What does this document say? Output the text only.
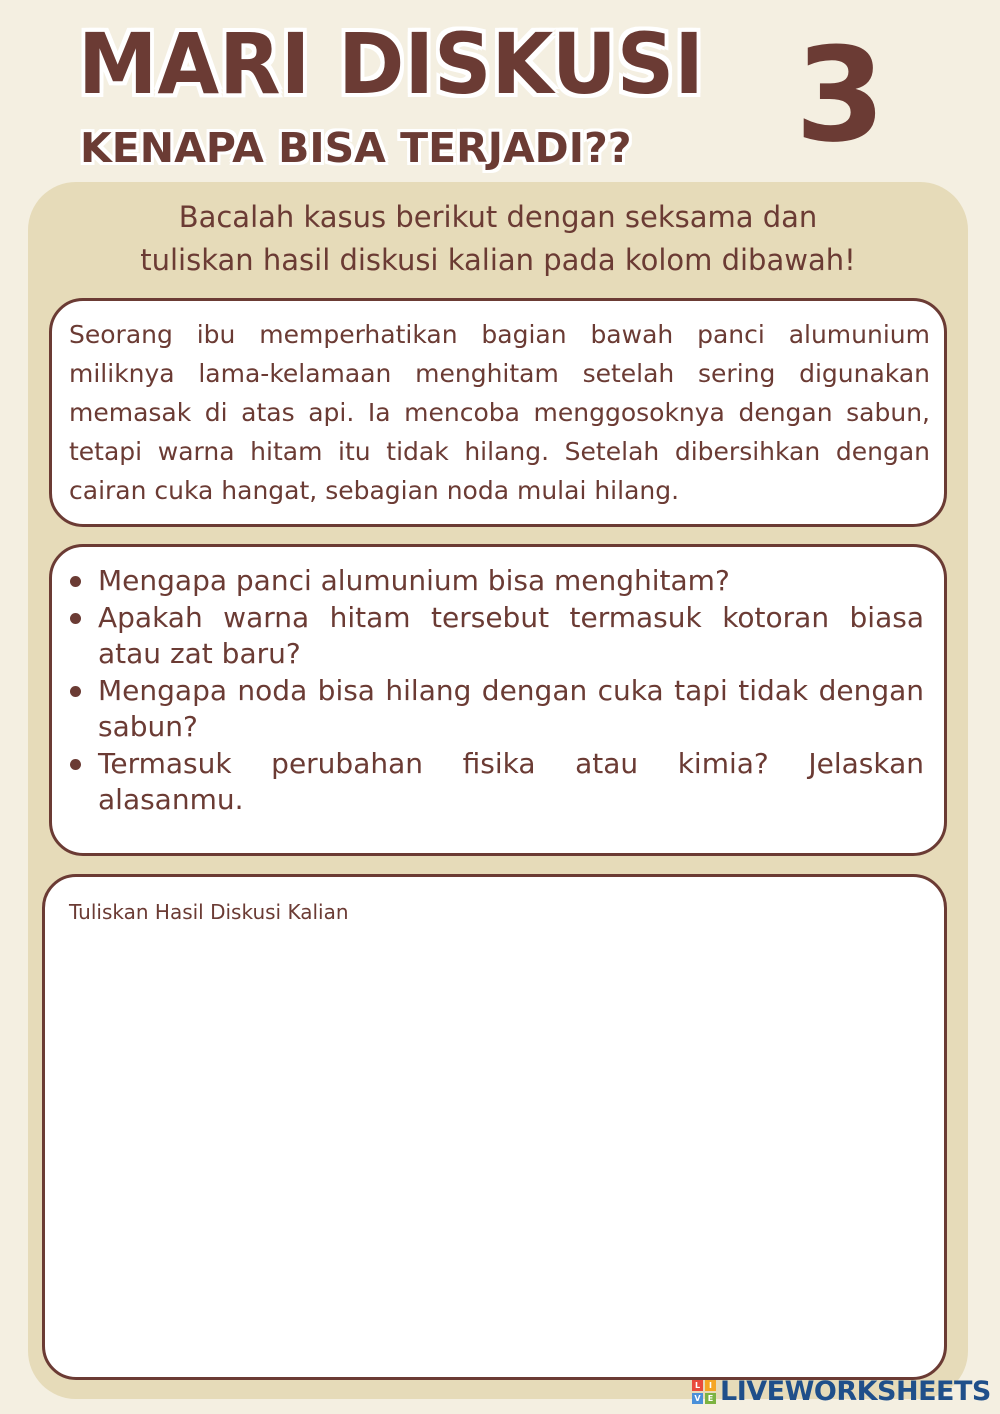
MARI DISKUSI
KENAPA BISA TERJADI?? 3

Bacalah kasus berikut dengan seksama dan
tuliskan hasil diskusi kalian pada kolom dibawah!

Seorang ibu memperhatikan bagian bawah panci alumunium miliknya lama-kelamaan menghitam setelah sering digunakan memasak di atas api. Ia mencoba menggosoknya dengan sabun, tetapi warna hitam itu tidak hilang. Setelah dibersihkan dengan cairan cuka hangat, sebagian noda mulai hilang.

Mengapa panci alumunium bisa menghitam?
Apakah warna hitam tersebut termasuk kotoran biasa atau zat baru?
Mengapa noda bisa hilang dengan cuka tapi tidak dengan sabun?
Termasuk perubahan fisika atau kimia? Jelaskan alasanmu.
Tuliskan Hasil Diskusi Kalian
L	I
V E LIVEWORKSHEETS
